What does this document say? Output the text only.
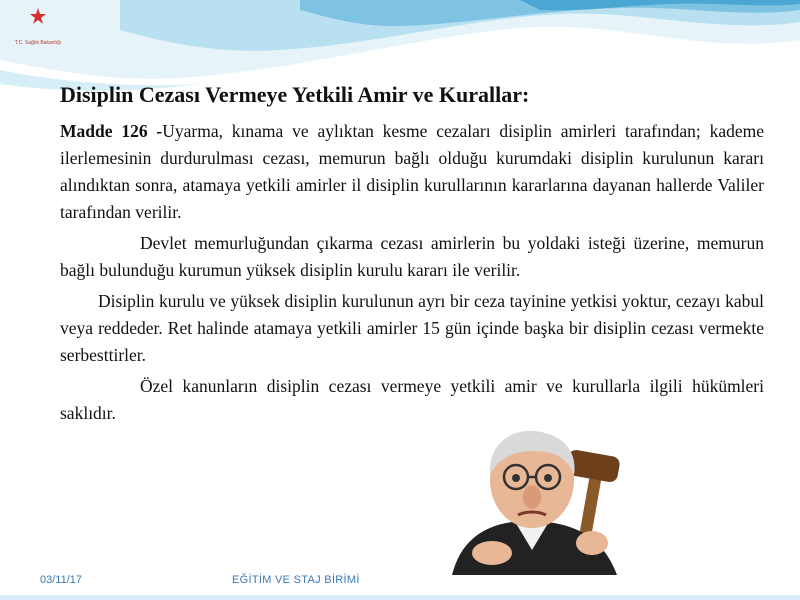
T.C. Sağlık Bakanlığı
Disiplin Cezası Vermeye Yetkili Amir ve Kurallar:

Madde 126 -Uyarma, kınama ve aylıktan kesme cezaları disiplin amirleri tarafından; kademe ilerlemesinin durdurulması cezası, memurun bağlı olduğu kurumdaki disiplin kurulunun kararı alındıktan sonra, atamaya yetkili amirler il disiplin kurullarının kararlarına dayanan hallerde Valiler tarafından verilir.

Devlet memurluğundan çıkarma cezası amirlerin bu yoldaki isteği üzerine, memurun bağlı bulunduğu kurumun yüksek disiplin kurulu kararı ile verilir.

Disiplin kurulu ve yüksek disiplin kurulunun ayrı bir ceza tayinine yetkisi yoktur, cezayı kabul veya reddeder. Ret halinde atamaya yetkili amirler 15 gün içinde başka bir disiplin cezası vermekte serbesttirler.

Özel kanunların disiplin cezası vermeye yetkili amir ve kurullarla ilgili hükümleri saklıdır.

03/11/17	EĞİTİM VE STAJ BİRİMİ
